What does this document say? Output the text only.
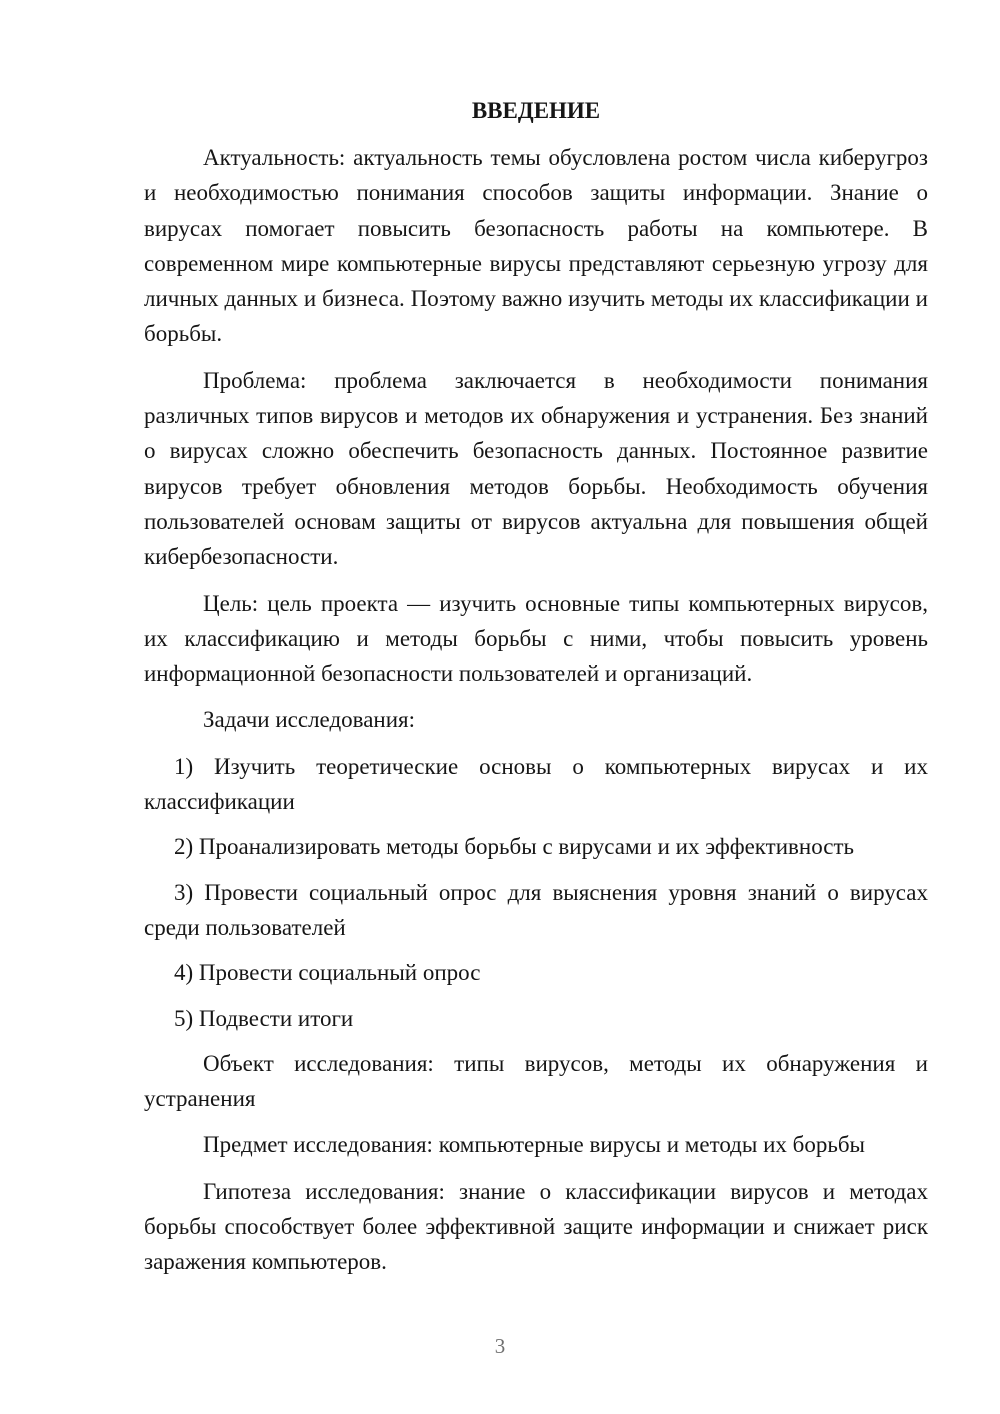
ВВЕДЕНИЕ

Актуальность: актуальность темы обусловлена ростом числа киберугроз и необходимостью понимания способов защиты информации. Знание о вирусах помогает повысить безопасность работы на компьютере. В современном мире компьютерные вирусы представляют серьезную угрозу для личных данных и бизнеса. Поэтому важно изучить методы их классификации и борьбы.

Проблема: проблема заключается в необходимости понимания различных типов вирусов и методов их обнаружения и устранения. Без знаний о вирусах сложно обеспечить безопасность данных. Постоянное развитие вирусов требует обновления методов борьбы. Необходимость обучения пользователей основам защиты от вирусов актуальна для повышения общей кибербезопасности.

Цель: цель проекта — изучить основные типы компьютерных вирусов, их классификацию и методы борьбы с ними, чтобы повысить уровень информационной безопасности пользователей и организаций.

Задачи исследования:

1) Изучить теоретические основы о компьютерных вирусах и их классификации

2) Проанализировать методы борьбы с вирусами и их эффективность

3) Провести социальный опрос для выяснения уровня знаний о вирусах среди пользователей

4) Провести социальный опрос

5) Подвести итоги

Объект исследования: типы вирусов, методы их обнаружения и устранения

Предмет исследования: компьютерные вирусы и методы их борьбы

Гипотеза исследования: знание о классификации вирусов и методах борьбы способствует более эффективной защите информации и снижает риск заражения компьютеров.

3
